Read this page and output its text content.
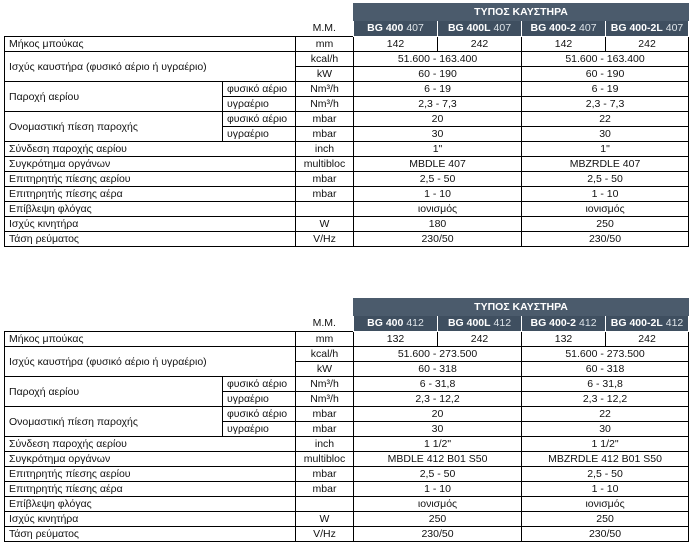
			ΤΥΠΟΣ ΚΑΥΣΤΗΡΑ			
		Μ.Μ.	BG 400 407	BG 400L 407	BG 400-2 407	BG 400-2L 407
Μήκος μπούκας		mm	142	242	142	242
Ισχύς καυστήρα (φυσικό αέριο ή υγραέριο)		kcal/h	51.600 - 163.400		51.600 - 163.400	
		kW	60 - 190		60 - 190	
Παροχή αερίου	φυσικό αέριο	Nm³/h	6 - 19		6 - 19	
	υγραέριο	Nm³/h	2,3 - 7,3		2,3 - 7,3	
Ονομαστική πίεση παροχής	φυσικό αέριο	mbar	20		22	
	υγραέριο	mbar	30		30	
Σύνδεση παροχής αερίου		inch	1"		1"	
Συγκρότημα οργάνων		multibloc	MBDLE 407		MBZRDLE 407	
Επιτηρητής πίεσης αερίου		mbar	2,5 - 50		2,5 - 50	
Επιτηρητής πίεσης αέρα		mbar	1 - 10		1 - 10	
Επίβλεψη φλόγας			ιονισμός		ιονισμός	
Ισχύς κινητήρα		W	180		250	
Τάση ρεύματος		V/Hz	230/50		230/50	
			ΤΥΠΟΣ ΚΑΥΣΤΗΡΑ			
		Μ.Μ.	BG 400 412	BG 400L 412	BG 400-2 412	BG 400-2L 412
Μήκος μπούκας		mm	132	242	132	242
Ισχύς καυστήρα (φυσικό αέριο ή υγραέριο)		kcal/h	51.600 - 273.500		51.600 - 273.500	
		kW	60 - 318		60 - 318	
Παροχή αερίου	φυσικό αέριο	Nm³/h	6 - 31,8		6 - 31,8	
	υγραέριο	Nm³/h	2,3 - 12,2		2,3 - 12,2	
Ονομαστική πίεση παροχής	φυσικό αέριο	mbar	20		22	
	υγραέριο	mbar	30		30	
Σύνδεση παροχής αερίου		inch	1 1/2"		1 1/2"	
Συγκρότημα οργάνων		multibloc	MBDLE 412 B01 S50		MBZRDLE 412 B01 S50	
Επιτηρητής πίεσης αερίου		mbar	2,5 - 50		2,5 - 50	
Επιτηρητής πίεσης αέρα		mbar	1 - 10		1 - 10	
Επίβλεψη φλόγας			ιονισμός		ιονισμός	
Ισχύς κινητήρα		W	250		250	
Τάση ρεύματος		V/Hz	230/50		230/50	
